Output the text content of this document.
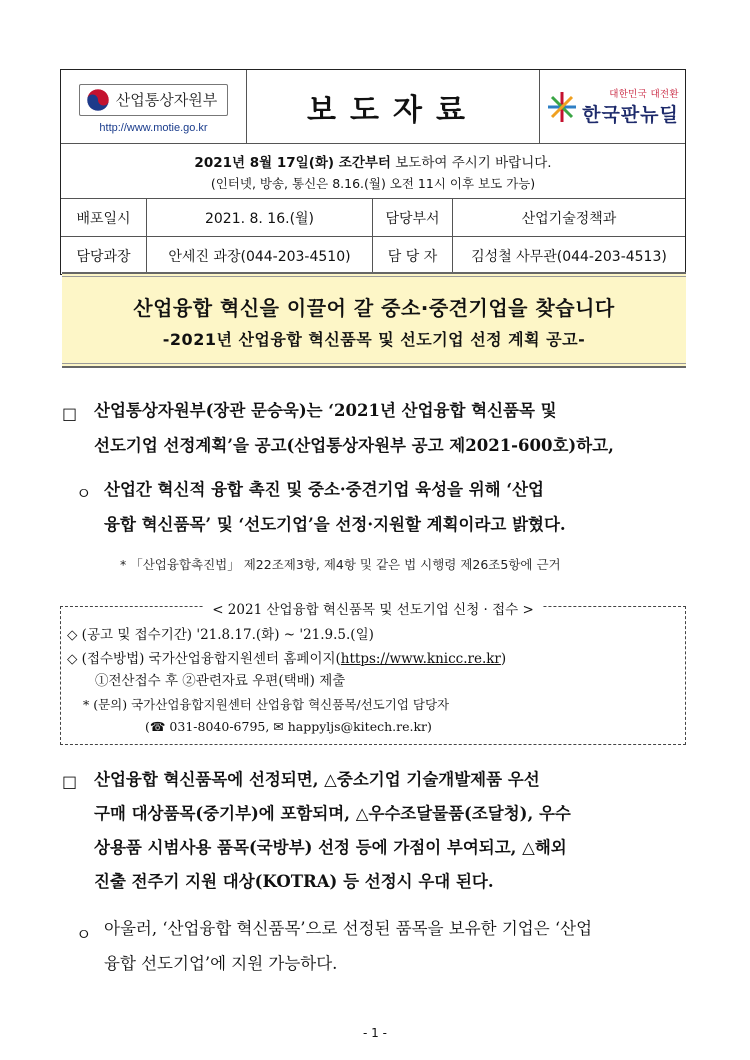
산업통상자원부
http://www.motie.go.kr	보도자료	대한민국 대전환
한국판뉴딜
2021년 8월 17일(화) 조간부터 보도하여 주시기 바랍니다.
(인터넷, 방송, 통신은 8.16.(월) 오전 11시 이후 보도 가능)
배포일시	2021. 8. 16.(월)	담당부서	산업기술정책과
담당과장	안세진 과장(044-203-4510)	담 당 자	김성철 사무관(044-203-4513)
산업융합 혁신을 이끌어 갈 중소·중견기업을 찾습니다
-2021년 산업융합 혁신품목 및 선도기업 선정 계획 공고-
□ 산업통상자원부(장관 문승욱)는 ‘2021년 산업융합 혁신품목 및
선도기업 선정계획’을 공고(산업통상자원부 공고 제2021-600호)하고,
ㅇ 산업간 혁신적 융합 촉진 및 중소·중견기업 육성을 위해 ‘산업
융합 혁신품목’ 및 ‘선도기업’을 선정·지원할 계획이라고 밝혔다.
* 「산업융합촉진법」 제22조제3항, 제4항 및 같은 법 시행령 제26조5항에 근거
< 2021 산업융합 혁신품목 및 선도기업 신청 · 접수 >
◇ (공고 및 접수기간) '21.8.17.(화) ~ '21.9.5.(일)
◇ (접수방법) 국가산업융합지원센터 홈페이지(https://www.knicc.re.kr)
①전산접수 후 ②관련자료 우편(택배) 제출
* (문의) 국가산업융합지원센터 산업융합 혁신품목/선도기업 담당자
(☎ 031-8040-6795, ✉ happyljs@kitech.re.kr)
□ 산업융합 혁신품목에 선정되면, △중소기업 기술개발제품 우선
구매 대상품목(중기부)에 포함되며, △우수조달물품(조달청), 우수
상용품 시범사용 품목(국방부) 선정 등에 가점이 부여되고, △해외
진출 전주기 지원 대상(KOTRA) 등 선정시 우대 된다.
ㅇ 아울러, ‘산업융합 혁신품목’으로 선정된 품목을 보유한 기업은 ‘산업
융합 선도기업’에 지원 가능하다.
- 1 -
